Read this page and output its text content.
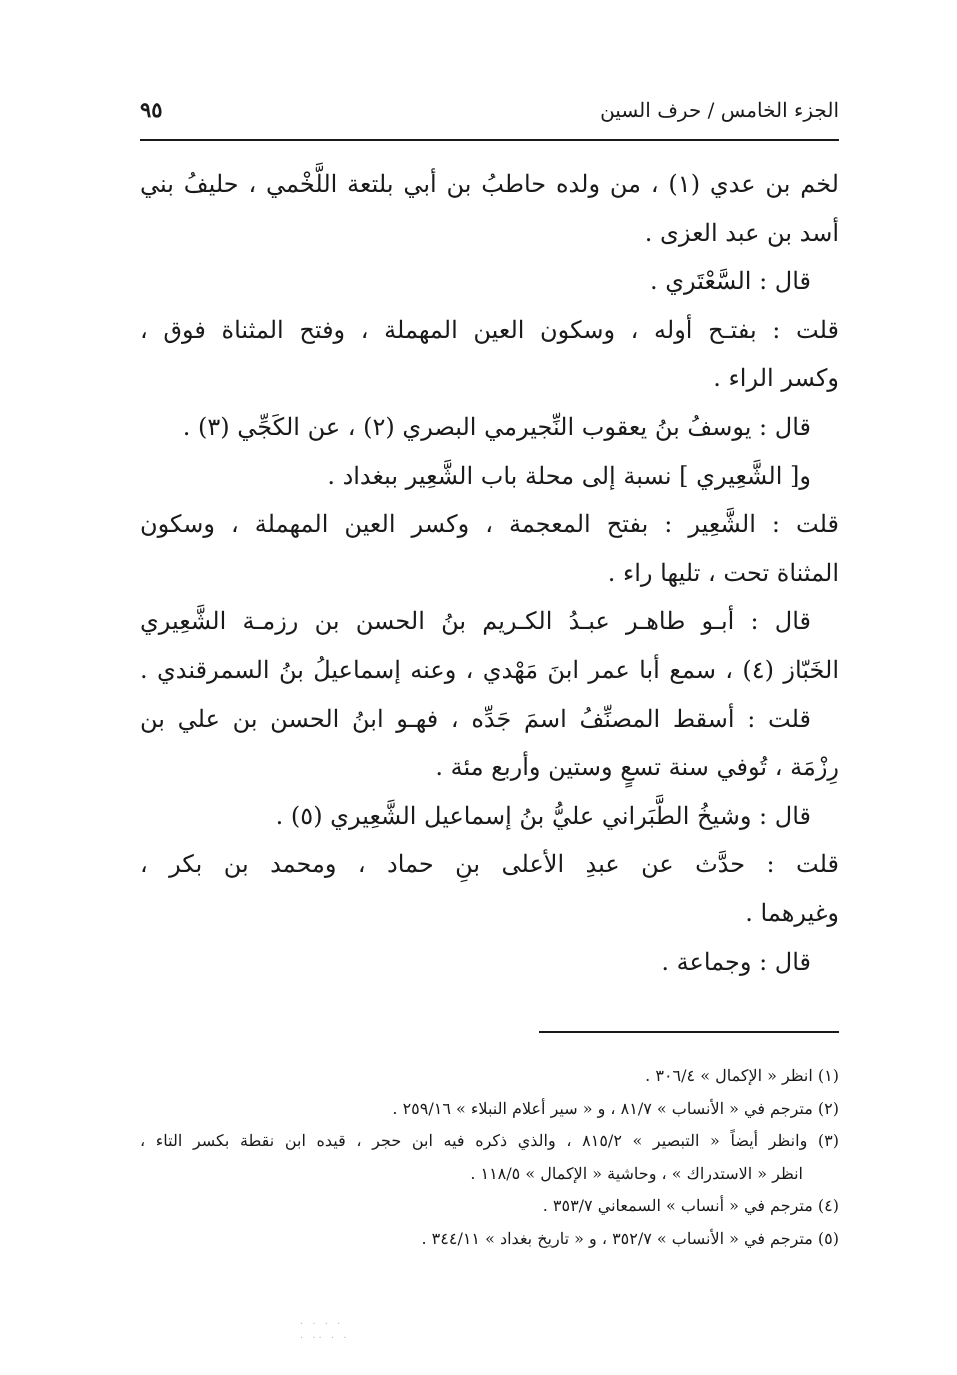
الجزء الخامس / حرف السين
٩٥
لخم بن عدي (١) ، من ولده حاطبُ بن أبي بلتعة اللَّخْمي ، حليفُ بني
أسد بن عبد العزى .
قال : السَّعْتَري .
قلت : بفتـح أوله ، وسكون العين المهملة ، وفتح المثناة فوق ،
وكسر الراء .
قال : يوسفُ بنُ يعقوب النِّجيرمي البصري (٢) ، عن الكَجِّي (٣) .
و[ الشَّعِيري ] نسبة إلى محلة باب الشَّعِير ببغداد .
قلت : الشَّعِير : بفتح المعجمة ، وكسر العين المهملة ، وسكون
المثناة تحت ، تليها راء .
قال : أبـو طاهـر عبـدُ الكـريم بنُ الحسن بن رزمـة الشَّعِيري
الخَبّاز (٤) ، سمع أبا عمر ابنَ مَهْدي ، وعنه إسماعيلُ بنُ السمرقندي .
قلت : أسقط المصنِّفُ اسمَ جَدِّه ، فهـو ابنُ الحسن بن علي بن
رِزْمَة ، تُوفي سنة تسعٍ وستين وأربع مئة .
قال : وشيخُ الطَّبَراني عليُّ بنُ إسماعيل الشَّعِيري (٥) .
قلت : حدَّث عن عبدِ الأعلى بنِ حماد ، ومحمد بن بكر ،
وغيرهما .
قال : وجماعة .
(١) انظر « الإكمال » ٣٠٦/٤ .
(٢) مترجم في « الأنساب » ٨١/٧ ، و « سير أعلام النبلاء » ٢٥٩/١٦ .
(٣) وانظر أيضاً « التبصير » ٨١٥/٢ ، والذي ذكره فيه ابن حجر ، قيده ابن نقطة بكسر التاء ،
انظر « الاستدراك » ، وحاشية « الإكمال » ١١٨/٥ .
(٤) مترجم في « أنساب » السمعاني ٣٥٣/٧ .
(٥) مترجم في « الأنساب » ٣٥٢/٧ ، و « تاريخ بغداد » ٣٤٤/١١ .
· · · ·
· ·· · ·
